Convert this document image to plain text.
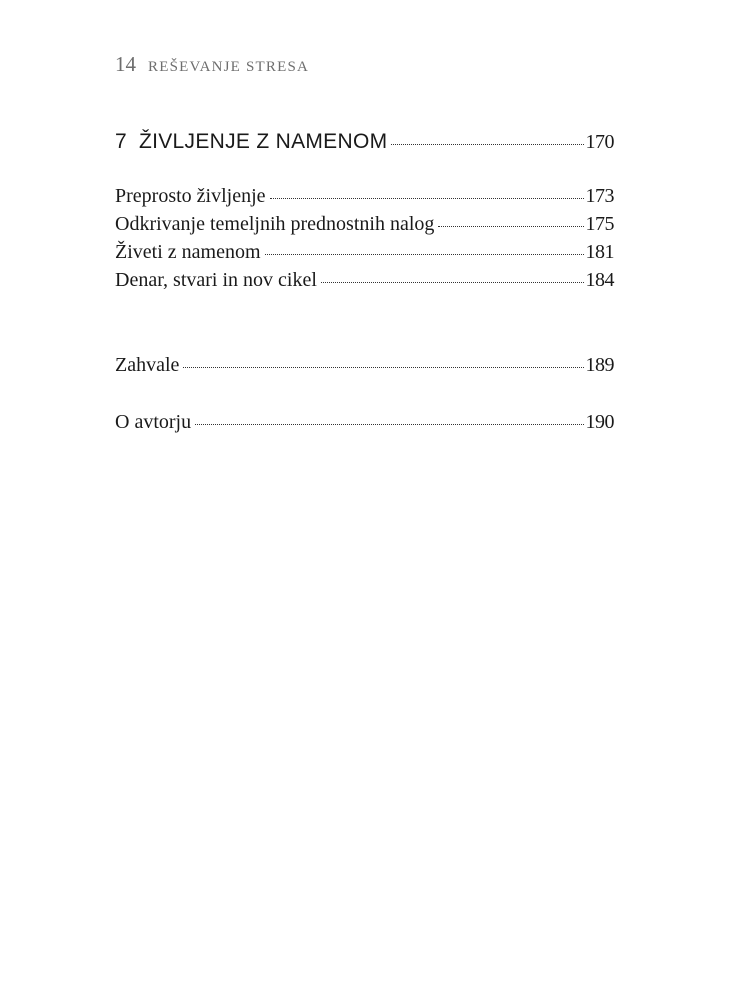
14 REŠEVANJE STRESA
7 ŽIVLJENJE Z NAMENOM	170
Preprosto življenje	173
Odkrivanje temeljnih prednostnih nalog	175
Živeti z namenom	181
Denar, stvari in nov cikel	184
Zahvale	189
O avtorju	190
